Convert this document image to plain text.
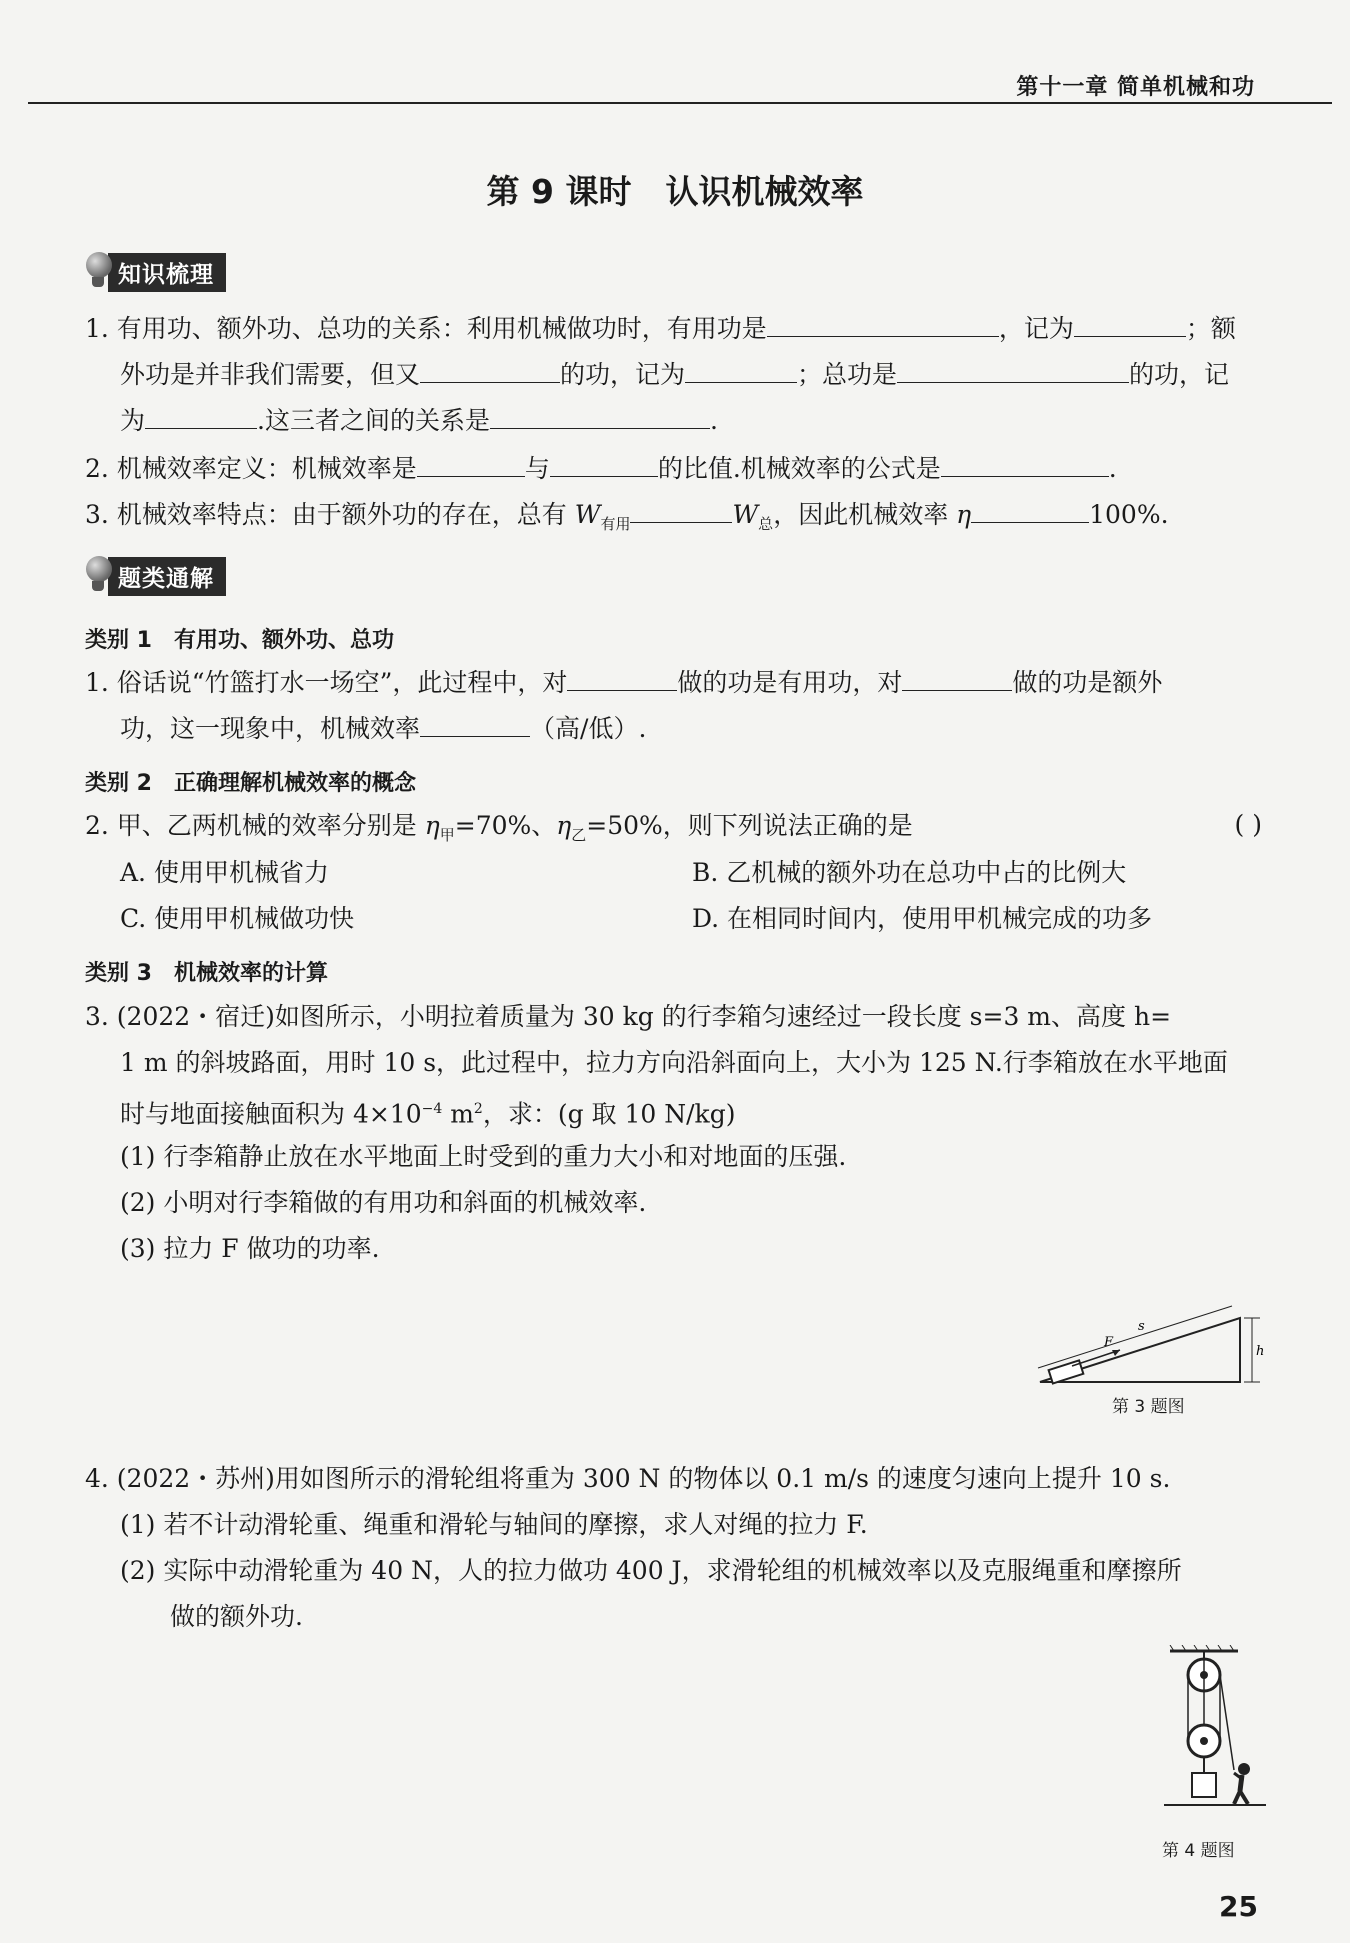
第十一章 简单机械和功
第 9 课时 认识机械效率
知识梳理
1. 有用功、额外功、总功的关系：利用机械做功时，有用功是	，记为	；额
外功是并非我们需要，但又	的功，记为	；总功是	的功，记
为	.这三者之间的关系是	.
2. 机械效率定义：机械效率是	与	的比值.机械效率的公式是	.
3. 机械效率特点：由于额外功的存在，总有 $W_{有用}$	$W_总$，因此机械效率 η	100%.
题类通解
类别 1 有用功、额外功、总功
1. 俗话说“竹篮打水一场空”，此过程中，对	做的功是有用功，对	做的功是额外
功，这一现象中，机械效率	（高/低）.
类别 2 正确理解机械效率的概念
2. 甲、乙两机械的效率分别是 $\eta_甲=70\%$、$\eta_乙=50\%$，则下列说法正确的是	( )
A. 使用甲机械省力	B. 乙机械的额外功在总功中占的比例大
C. 使用甲机械做功快	D. 在相同时间内，使用甲机械完成的功多
类别 3 机械效率的计算
3. (2022・宿迁)如图所示，小明拉着质量为 30 kg 的行李箱匀速经过一段长度 s=3 m、高度 h=
1 m 的斜坡路面，用时 10 s，此过程中，拉力方向沿斜面向上，大小为 125 N.行李箱放在水平地面
时与地面接触面积为 $4\times 10^{-4}$ $m^2$，求：(g 取 10 N/kg)
(1) 行李箱静止放在水平地面上时受到的重力大小和对地面的压强.
(2) 小明对行李箱做的有用功和斜面的机械效率.
(3) 拉力 F 做功的功率.
F
s
h
第 3 题图
4. (2022・苏州)用如图所示的滑轮组将重为 300 N 的物体以 0.1 m/s 的速度匀速向上提升 10 s.
(1) 若不计动滑轮重、绳重和滑轮与轴间的摩擦，求人对绳的拉力 F.
(2) 实际中动滑轮重为 40 N，人的拉力做功 400 J，求滑轮组的机械效率以及克服绳重和摩擦所
做的额外功.
第 4 题图
25
